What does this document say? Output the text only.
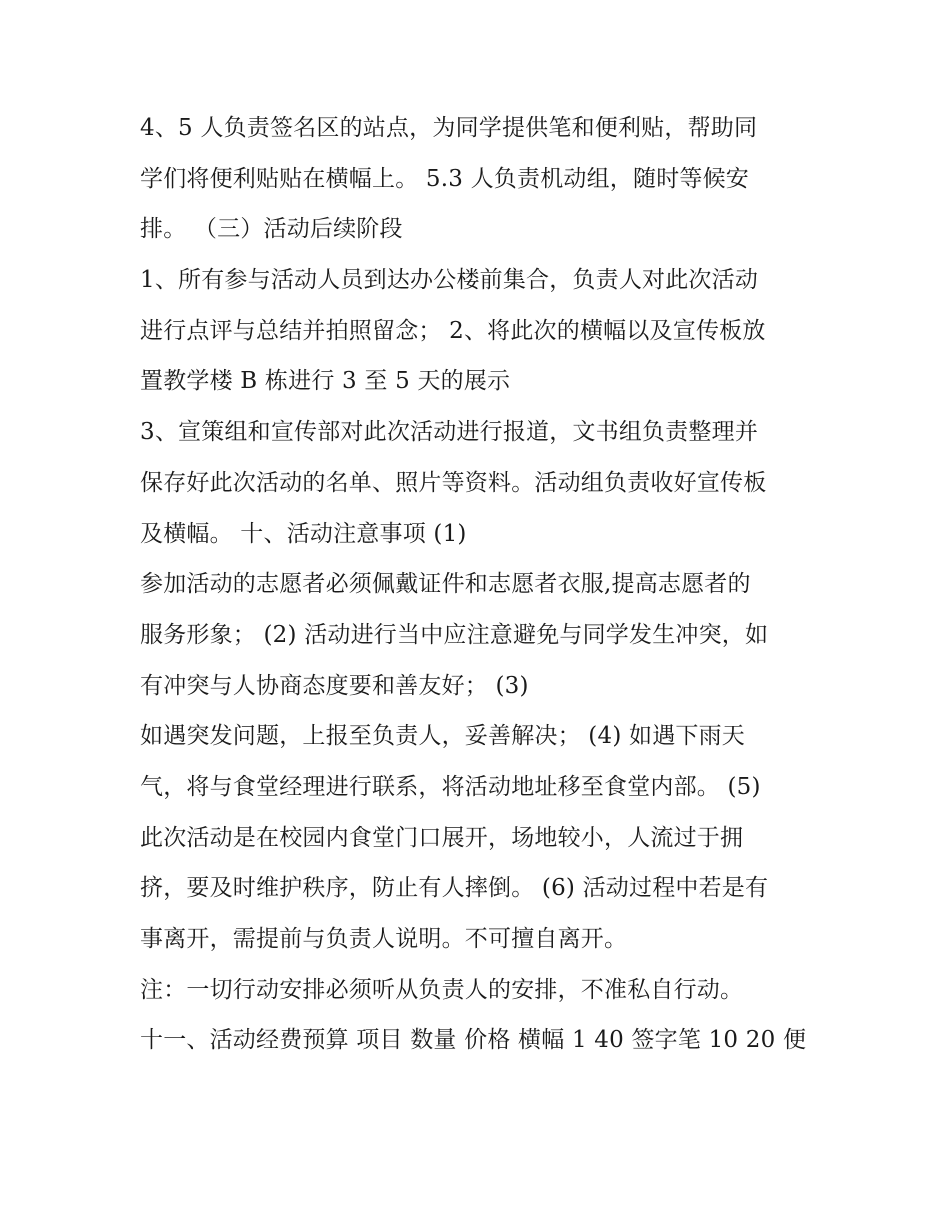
4、5 人负责签名区的站点，为同学提供笔和便利贴，帮助同
学们将便利贴贴在横幅上。 5.3 人负责机动组，随时等候安
排。 （三）活动后续阶段
1、所有参与活动人员到达办公楼前集合，负责人对此次活动
进行点评与总结并拍照留念； 2、将此次的横幅以及宣传板放
置教学楼 B 栋进行 3 至 5 天的展示
3、宣策组和宣传部对此次活动进行报道，文书组负责整理并
保存好此次活动的名单、照片等资料。活动组负责收好宣传板
及横幅。 十、活动注意事项 (1)
参加活动的志愿者必须佩戴证件和志愿者衣服,提高志愿者的
服务形象； (2) 活动进行当中应注意避免与同学发生冲突，如
有冲突与人协商态度要和善友好； (3)
如遇突发问题，上报至负责人，妥善解决； (4) 如遇下雨天
气，将与食堂经理进行联系，将活动地址移至食堂内部。 (5)
此次活动是在校园内食堂门口展开，场地较小，人流过于拥
挤，要及时维护秩序，防止有人摔倒。 (6) 活动过程中若是有
事离开，需提前与负责人说明。不可擅自离开。
注：一切行动安排必须听从负责人的安排，不准私自行动。
十一、活动经费预算 项目 数量 价格 横幅 1 40 签字笔 10 20 便
